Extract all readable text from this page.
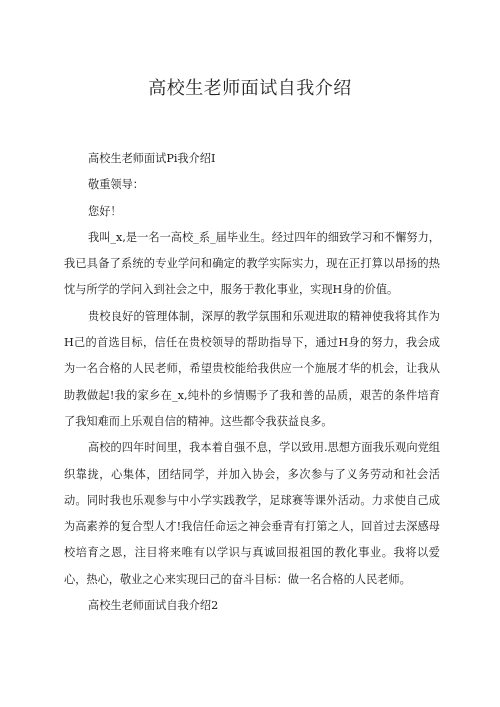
高校生老师面试自我介绍

高校生老师面试Pi我介绍I

敬重领导：

您好！

我叫_x,是一名一高校_系_届毕业生。经过四年的细致学习和不懈努力，我已具备了系统的专业学问和确定的教学实际实力，现在正打算以昂扬的热忱与所学的学问入到社会之中，服务于教化事业，实现H身的价值。

贵校良好的管理体制，深厚的教学氛围和乐观进取的精神使我将其作为H己的首选目标，信任在贵校领导的帮助指导下，通过H身的努力，我会成为一名合格的人民老师，希望贵校能给我供应一个施展才华的机会，让我从助教做起!我的家乡在_x,纯朴的乡情赐予了我和善的品质，艰苦的条件培育了我知难而上乐观自信的精神。这些都令我获益良多。

高校的四年时间里，我本着自强不息，学以致用.思想方面我乐观向党组织靠拢，心集体，团结同学，并加入协会，多次参与了义务劳动和社会活动。同时我也乐观参与中小学实践教学，足球赛等课外活动。力求使自己成为高素养的复合型人才!我信任命运之神会垂青有打第之人，回首过去深感母校培育之恩，注目将来唯有以学识与真诚回报祖国的教化事业。我将以爱心，热心，敬业之心来实现曰己的奋斗目标：做一名合格的人民老师。

高校生老师面试自我介绍2
